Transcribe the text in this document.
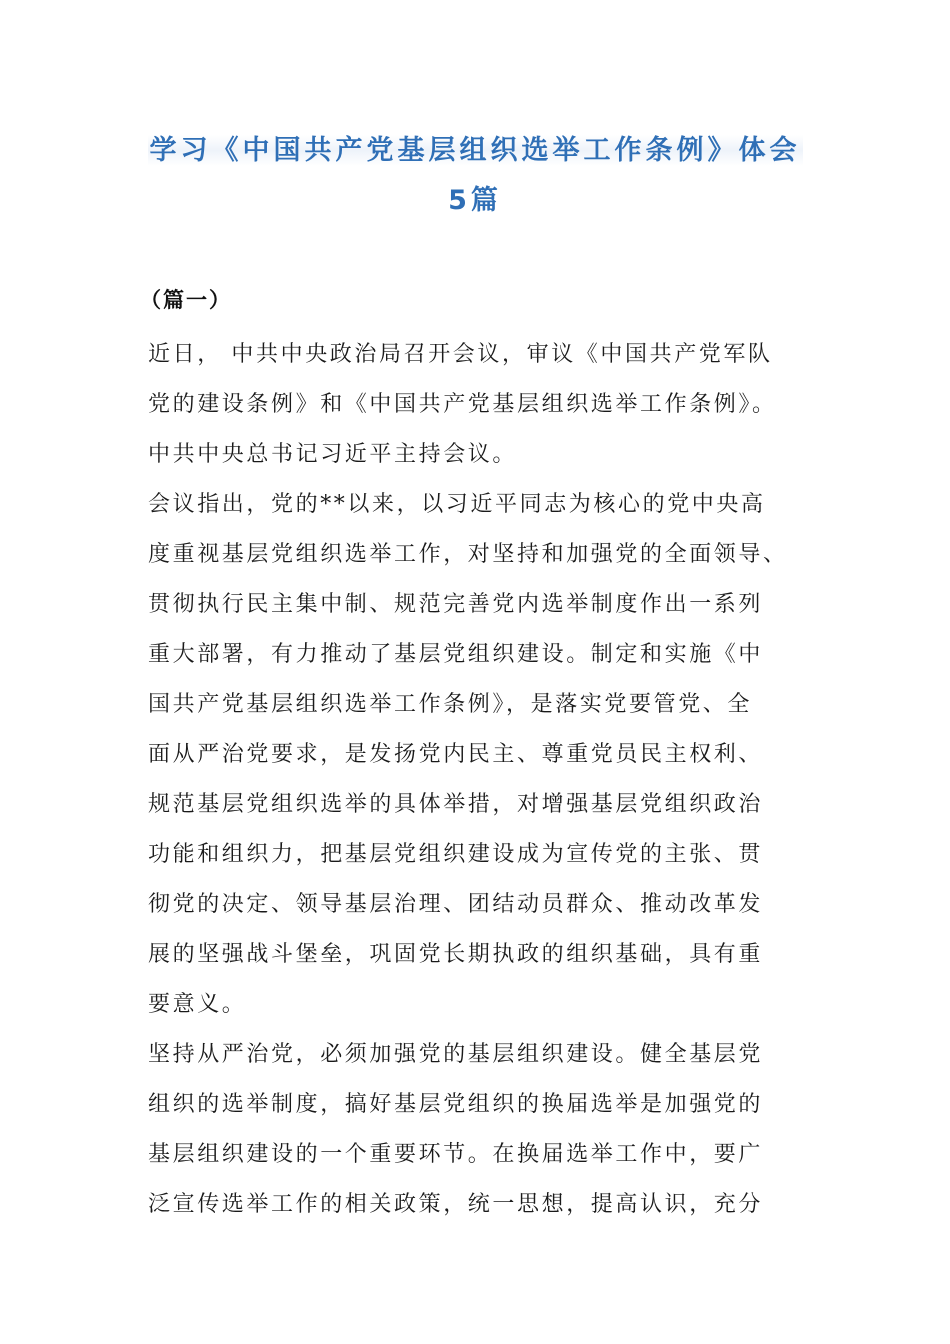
学习《中国共产党基层组织选举工作条例》体会
5篇
（篇一）

近日， 中共中央政治局召开会议，审议《中国共产党军队
党的建设条例》和《中国共产党基层组织选举工作条例》。
中共中央总书记习近平主持会议。

会议指出，党的**以来，以习近平同志为核心的党中央高
度重视基层党组织选举工作，对坚持和加强党的全面领导、
贯彻执行民主集中制、规范完善党内选举制度作出一系列
重大部署，有力推动了基层党组织建设。制定和实施《中
国共产党基层组织选举工作条例》，是落实党要管党、全
面从严治党要求，是发扬党内民主、尊重党员民主权利、
规范基层党组织选举的具体举措，对增强基层党组织政治
功能和组织力，把基层党组织建设成为宣传党的主张、贯
彻党的决定、领导基层治理、团结动员群众、推动改革发
展的坚强战斗堡垒，巩固党长期执政的组织基础，具有重
要意义。

坚持从严治党，必须加强党的基层组织建设。健全基层党
组织的选举制度，搞好基层党组织的换届选举是加强党的
基层组织建设的一个重要环节。在换届选举工作中，要广
泛宣传选举工作的相关政策，统一思想，提高认识，充分
